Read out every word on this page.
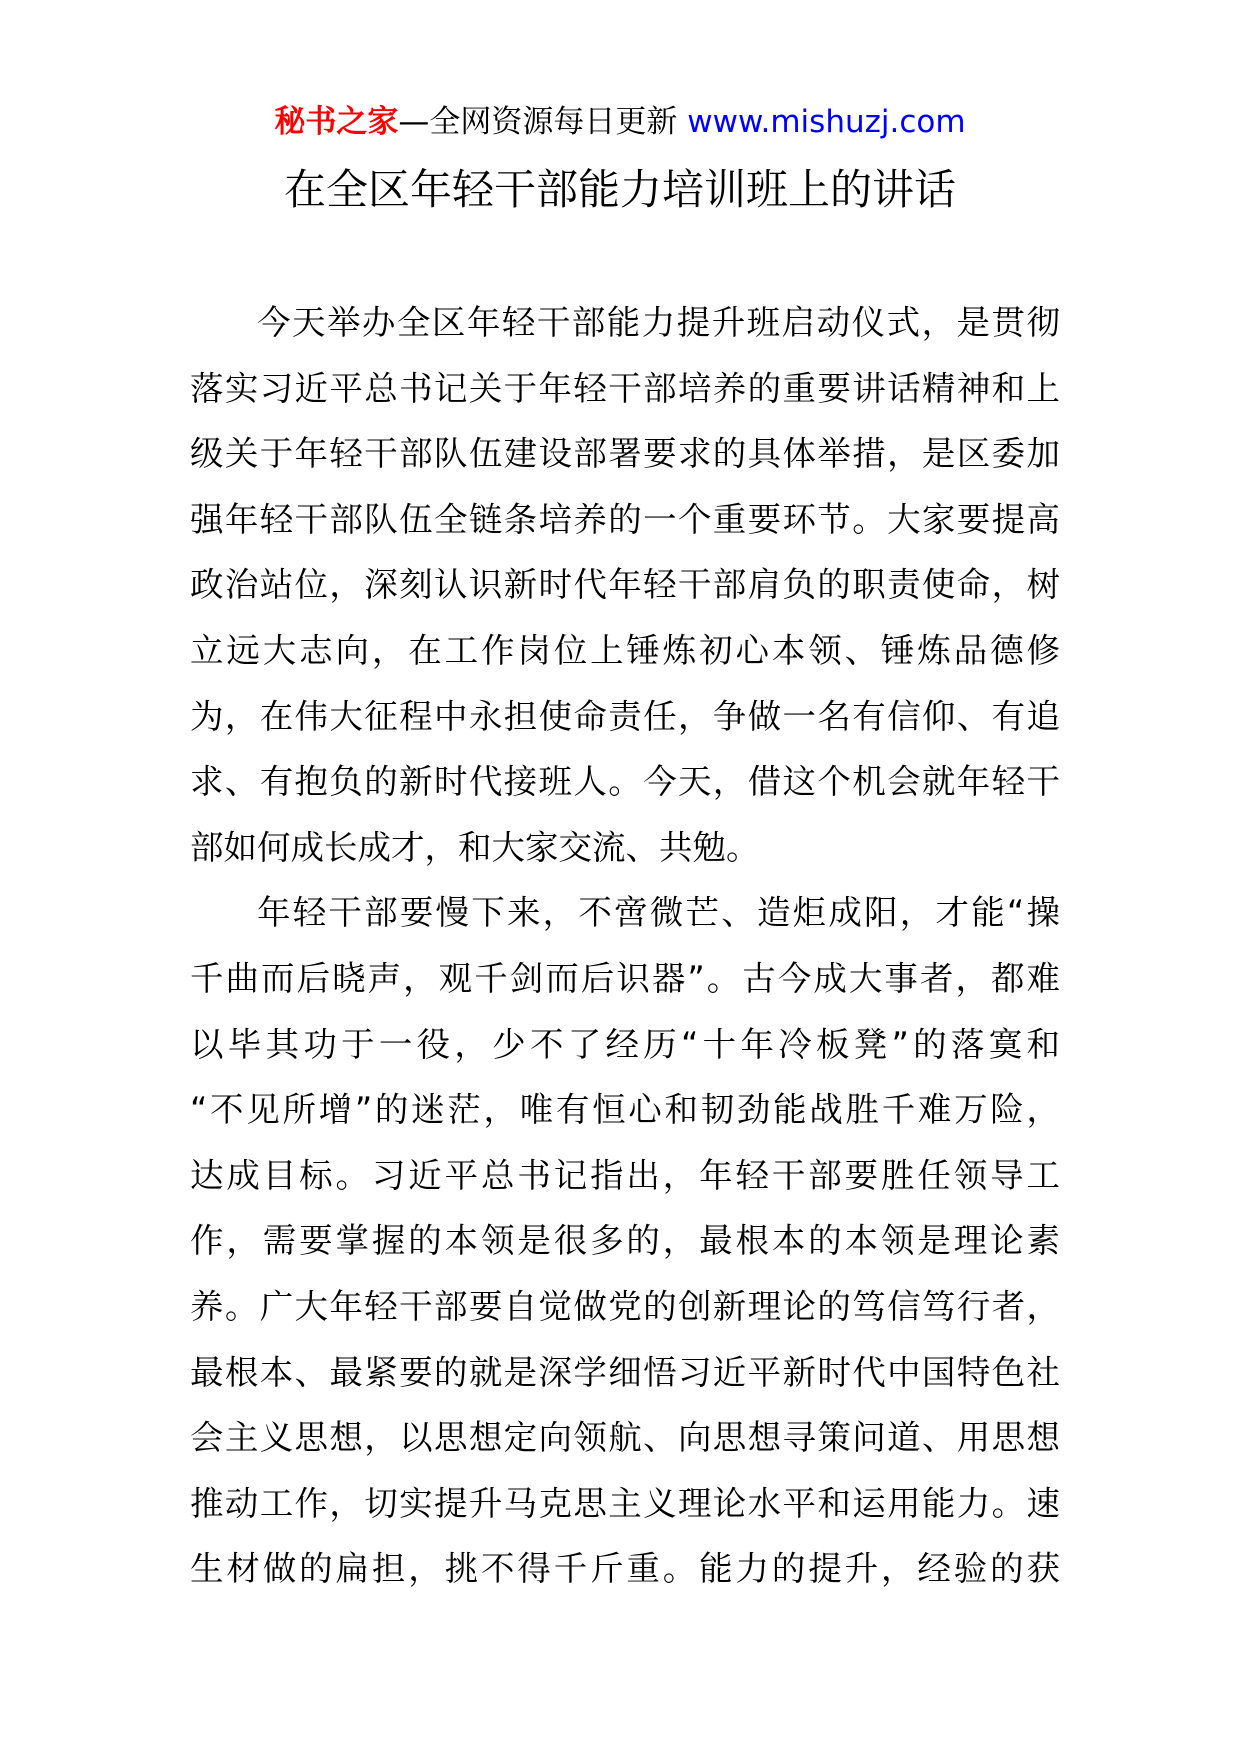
秘书之家—全网资源每日更新 www.mishuzj.com
在全区年轻干部能力培训班上的讲话

今天举办全区年轻干部能力提升班启动仪式，是贯彻
落实习近平总书记关于年轻干部培养的重要讲话精神和上
级关于年轻干部队伍建设部署要求的具体举措，是区委加
强年轻干部队伍全链条培养的一个重要环节。大家要提高
政治站位，深刻认识新时代年轻干部肩负的职责使命，树
立远大志向，在工作岗位上锤炼初心本领、锤炼品德修
为，在伟大征程中永担使命责任，争做一名有信仰、有追
求、有抱负的新时代接班人。今天，借这个机会就年轻干
部如何成长成才，和大家交流、共勉。

年轻干部要慢下来，不啻微芒、造炬成阳，才能“操
千曲而后晓声，观千剑而后识器”。古今成大事者，都难
以毕其功于一役，少不了经历“十年冷板凳”的落寞和
“不见所增”的迷茫，唯有恒心和韧劲能战胜千难万险，
达成目标。习近平总书记指出，年轻干部要胜任领导工
作，需要掌握的本领是很多的，最根本的本领是理论素
养。广大年轻干部要自觉做党的创新理论的笃信笃行者，
最根本、最紧要的就是深学细悟习近平新时代中国特色社
会主义思想，以思想定向领航、向思想寻策问道、用思想
推动工作，切实提升马克思主义理论水平和运用能力。速
生材做的扁担，挑不得千斤重。能力的提升，经验的获
